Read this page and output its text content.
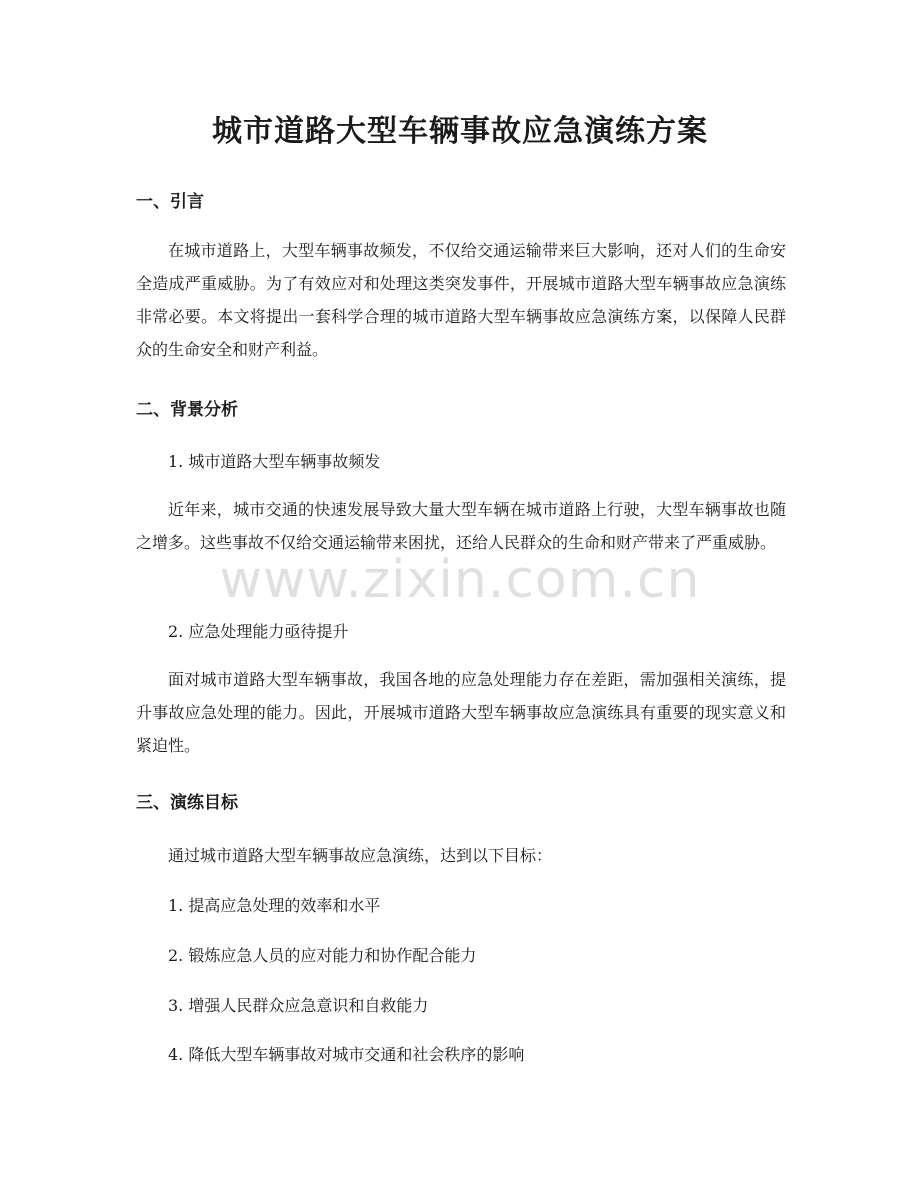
城市道路大型车辆事故应急演练方案
一、引言

在城市道路上，大型车辆事故频发，不仅给交通运输带来巨大影响，还对人们的生命安全造成严重威胁。为了有效应对和处理这类突发事件，开展城市道路大型车辆事故应急演练非常必要。本文将提出一套科学合理的城市道路大型车辆事故应急演练方案，以保障人民群众的生命安全和财产利益。

二、背景分析

1. 城市道路大型车辆事故频发

近年来，城市交通的快速发展导致大量大型车辆在城市道路上行驶，大型车辆事故也随之增多。这些事故不仅给交通运输带来困扰，还给人民群众的生命和财产带来了严重威胁。

2. 应急处理能力亟待提升

面对城市道路大型车辆事故，我国各地的应急处理能力存在差距，需加强相关演练，提升事故应急处理的能力。因此，开展城市道路大型车辆事故应急演练具有重要的现实意义和紧迫性。

三、演练目标

通过城市道路大型车辆事故应急演练，达到以下目标：

1. 提高应急处理的效率和水平

2. 锻炼应急人员的应对能力和协作配合能力

3. 增强人民群众应急意识和自救能力

4. 降低大型车辆事故对城市交通和社会秩序的影响

www.zixin.com.cn
